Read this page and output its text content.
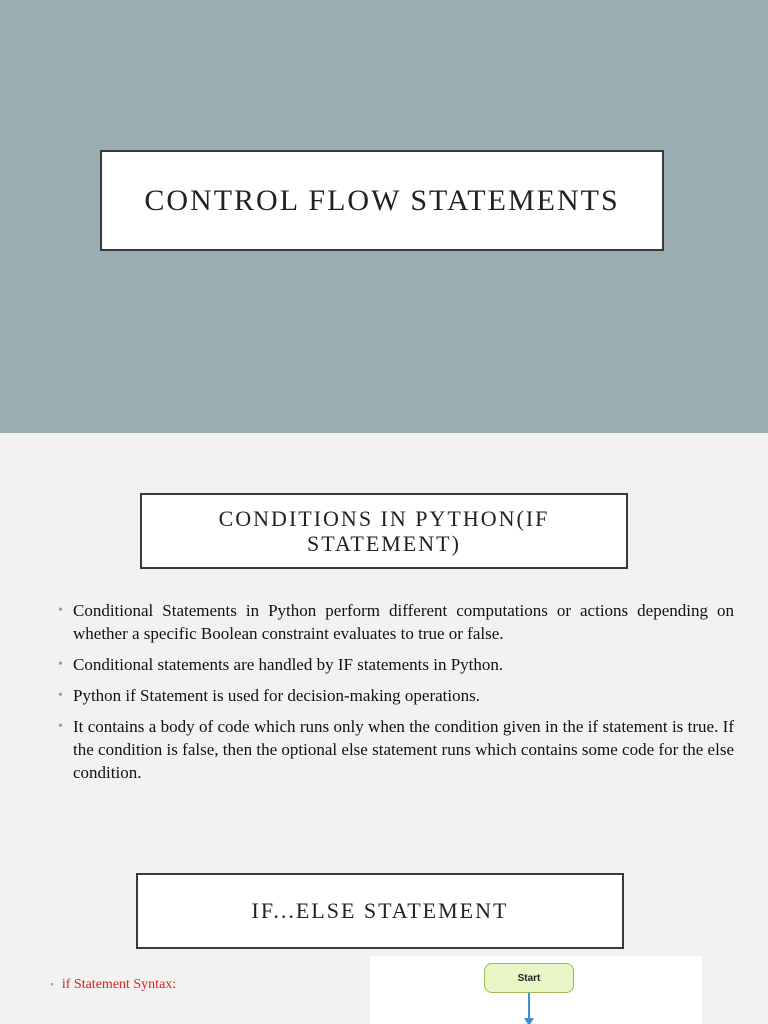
CONTROL FLOW STATEMENTS
CONDITIONS IN PYTHON(IF STATEMENT)
• Conditional Statements in Python perform different computations or actions depending on whether a specific Boolean constraint evaluates to true or false.
• Conditional statements are handled by IF statements in Python.
• Python if Statement is used for decision-making operations.
• It contains a body of code which runs only when the condition given in the if statement is true. If the condition is false, then the optional else statement runs which contains some code for the else condition.
IF...ELSE STATEMENT
• if Statement Syntax:	Start
